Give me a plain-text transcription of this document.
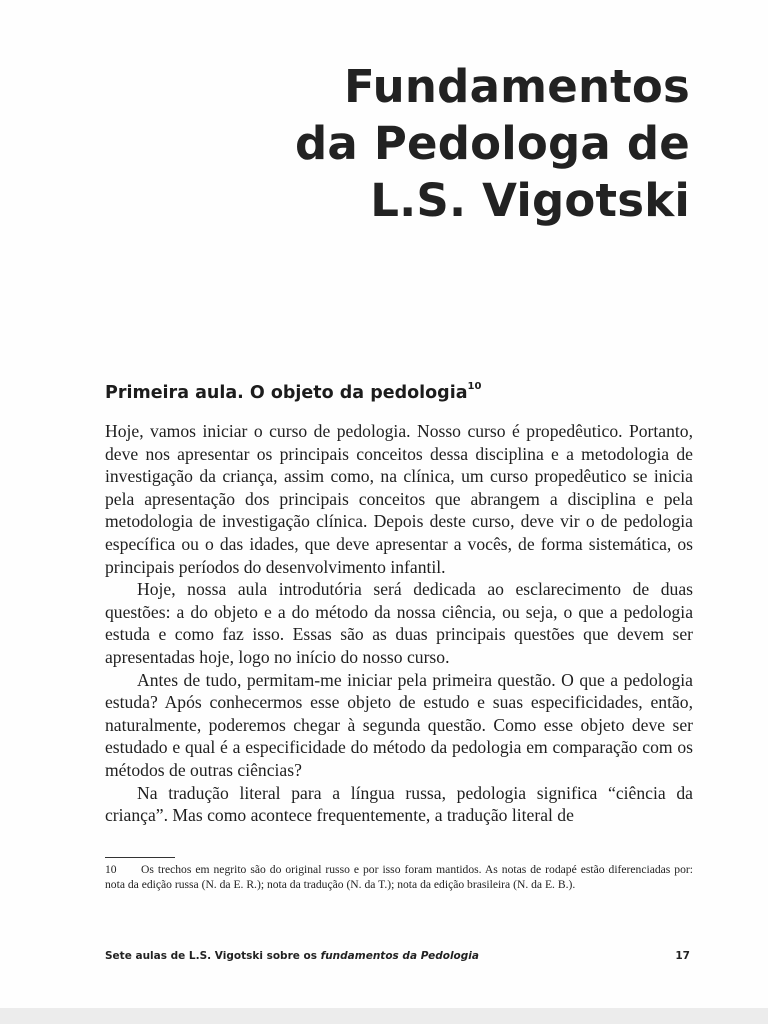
Fundamentos
da Pedologa de
L.S. Vigotski
Primeira aula. O objeto da pedologia$^{10}$

Hoje, vamos iniciar o curso de pedologia. Nosso curso é propedêutico. Portanto, deve nos apresentar os principais conceitos dessa disciplina e a metodologia de investigação da criança, assim como, na clínica, um curso propedêutico se inicia pela apresentação dos principais conceitos que abrangem a disciplina e pela metodologia de investigação clínica. Depois deste curso, deve vir o de pedologia específica ou o das idades, que deve apresentar a vocês, de forma sistemática, os principais períodos do desenvolvimento infantil.

Hoje, nossa aula introdutória será dedicada ao esclarecimento de duas questões: a do objeto e a do método da nossa ciência, ou seja, o que a pedologia estuda e como faz isso. Essas são as duas principais questões que devem ser apresentadas hoje, logo no início do nosso curso.

Antes de tudo, permitam-me iniciar pela primeira questão. O que a pedologia estuda? Após conhecermos esse objeto de estudo e suas especificidades, então, naturalmente, poderemos chegar à segunda questão. Como esse objeto deve ser estudado e qual é a especificidade do método da pedologia em comparação com os métodos de outras ciências?

Na tradução literal para a língua russa, pedologia significa “ciência da criança”. Mas como acontece frequentemente, a tradução literal de

10 Os trechos em negrito são do original russo e por isso foram mantidos. As notas de rodapé estão diferenciadas por: nota da edição russa (N. da E. R.); nota da tradução (N. da T.); nota da edição brasileira (N. da E. B.).
Sete aulas de L.S. Vigotski sobre os fundamentos da Pedologia	17
